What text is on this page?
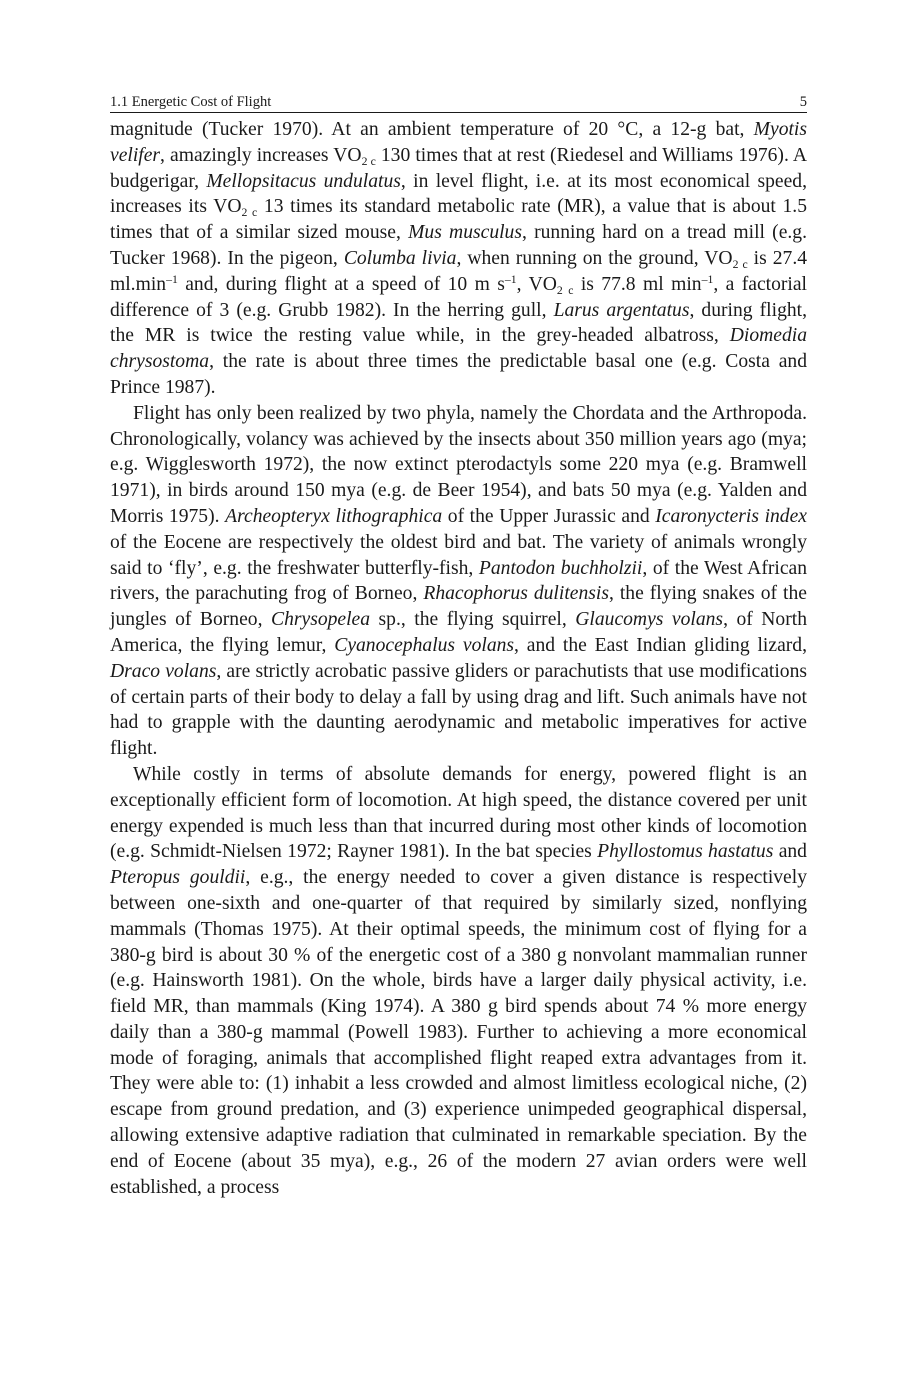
1.1 Energetic Cost of Flight	5

magnitude (Tucker 1970). At an ambient temperature of 20 °C, a 12-g bat, Myotis velifer, amazingly increases $VO_{2 c}$ 130 times that at rest (Riedesel and Williams 1976). A budgerigar, Mellopsitacus undulatus, in level flight, i.e. at its most economical speed, increases its $VO_{2 c}$ 13 times its standard metabolic rate (MR), a value that is about 1.5 times that of a similar sized mouse, Mus musculus, running hard on a tread mill (e.g. Tucker 1968). In the pigeon, Columba livia, when running on the ground, $VO_{2 c}$ is 27.4 $ml.\min^{-1}$ and, during flight at a speed of 10 m $s^{-1}$, $VO_{2 c}$ is 77.8 ml $\min^{-1}$, a factorial difference of 3 (e.g. Grubb 1982). In the herring gull, Larus argentatus, during flight, the MR is twice the resting value while, in the grey-headed albatross, Diomedia chrysostoma, the rate is about three times the predictable basal one (e.g. Costa and Prince 1987).

Flight has only been realized by two phyla, namely the Chordata and the Arthropoda. Chronologically, volancy was achieved by the insects about 350 million years ago (mya; e.g. Wigglesworth 1972), the now extinct pterodactyls some 220 mya (e.g. Bramwell 1971), in birds around 150 mya (e.g. de Beer 1954), and bats 50 mya (e.g. Yalden and Morris 1975). Archeopteryx lithographica of the Upper Jurassic and Icaronycteris index of the Eocene are respectively the oldest bird and bat. The variety of animals wrongly said to ‘fly’, e.g. the freshwater butterfly-fish, Pantodon buchholzii, of the West African rivers, the parachuting frog of Borneo, Rhacophorus dulitensis, the flying snakes of the jungles of Borneo, Chrysopelea sp., the flying squirrel, Glaucomys volans, of North America, the flying lemur, Cyanocephalus volans, and the East Indian gliding lizard, Draco volans, are strictly acrobatic passive gliders or parachutists that use modifications of certain parts of their body to delay a fall by using drag and lift. Such animals have not had to grapple with the daunting aerodynamic and metabolic imperatives for active flight.

While costly in terms of absolute demands for energy, powered flight is an exceptionally efficient form of locomotion. At high speed, the distance covered per unit energy expended is much less than that incurred during most other kinds of locomotion (e.g. Schmidt-Nielsen 1972; Rayner 1981). In the bat species Phyllostomus hastatus and Pteropus gouldii, e.g., the energy needed to cover a given distance is respectively between one-sixth and one-quarter of that required by similarly sized, nonflying mammals (Thomas 1975). At their optimal speeds, the minimum cost of flying for a 380-g bird is about 30 % of the energetic cost of a 380 g nonvolant mammalian runner (e.g. Hainsworth 1981). On the whole, birds have a larger daily physical activity, i.e. field MR, than mammals (King 1974). A 380 g bird spends about 74 % more energy daily than a 380-g mammal (Powell 1983). Further to achieving a more economical mode of foraging, animals that accomplished flight reaped extra advantages from it. They were able to: (1) inhabit a less crowded and almost limitless ecological niche, (2) escape from ground predation, and (3) experience unimpeded geographical dispersal, allowing extensive adaptive radiation that culminated in remarkable speciation. By the end of Eocene (about 35 mya), e.g., 26 of the modern 27 avian orders were well established, a process
